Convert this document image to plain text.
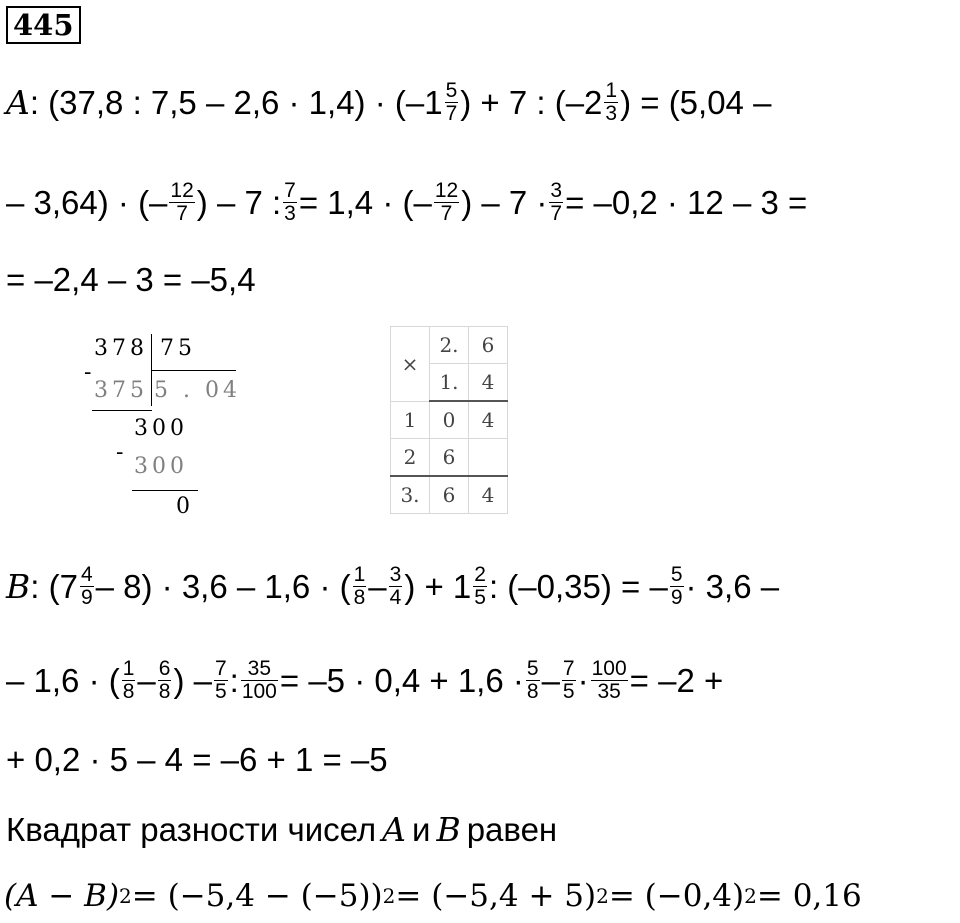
445
A : (37,8 : $7,5 - 2,6 \cdot 1,4) \cdot (-1 \frac{5}{7}$ ) + 7 : ($-2 \frac{1}{3}$ ) = (5,04 –
– 3,64) · (– $\frac{12}{7}$ ) – 7 : $\frac{7}{3} = 1,4$ · (– $\frac{12}{7}$ ) – $7 \cdot \frac{3}{7} = -0,2 \cdot 12 - 3$ =
= –2,4 – 3 = –5,4
378 75
-
375 5 . 04
300
-
300
0
×	2.	6
	1.	4
1	0	4
2	6	
3.	6	4
B : $(7 \frac{4}{9} - 8) \cdot 3,6 - 1,6$ · ( $\frac{1}{8} - \frac{3}{4}$ ) + $1 \frac{2}{5}$ : (–0,35) = – $\frac{5}{9} \cdot 3,6$ –
– 1,6 · ( $\frac{1}{8} - \frac{6}{8}$ ) – $\frac{7}{5}$ : $\frac{35}{100} = -5 \cdot 0,4 + 1,6 \cdot \frac{5}{8} - \frac{7}{5} \cdot \frac{100}{35} = -2$ +
+ 0,2 · 5 – 4 = –6 + 1 = –5
Квадрат разности чисел A и B равен
(A − B) 2 = (−5,4 − (−5)) 2 = (−5,4 + 5) 2 = (−0,4) 2 = 0,16
